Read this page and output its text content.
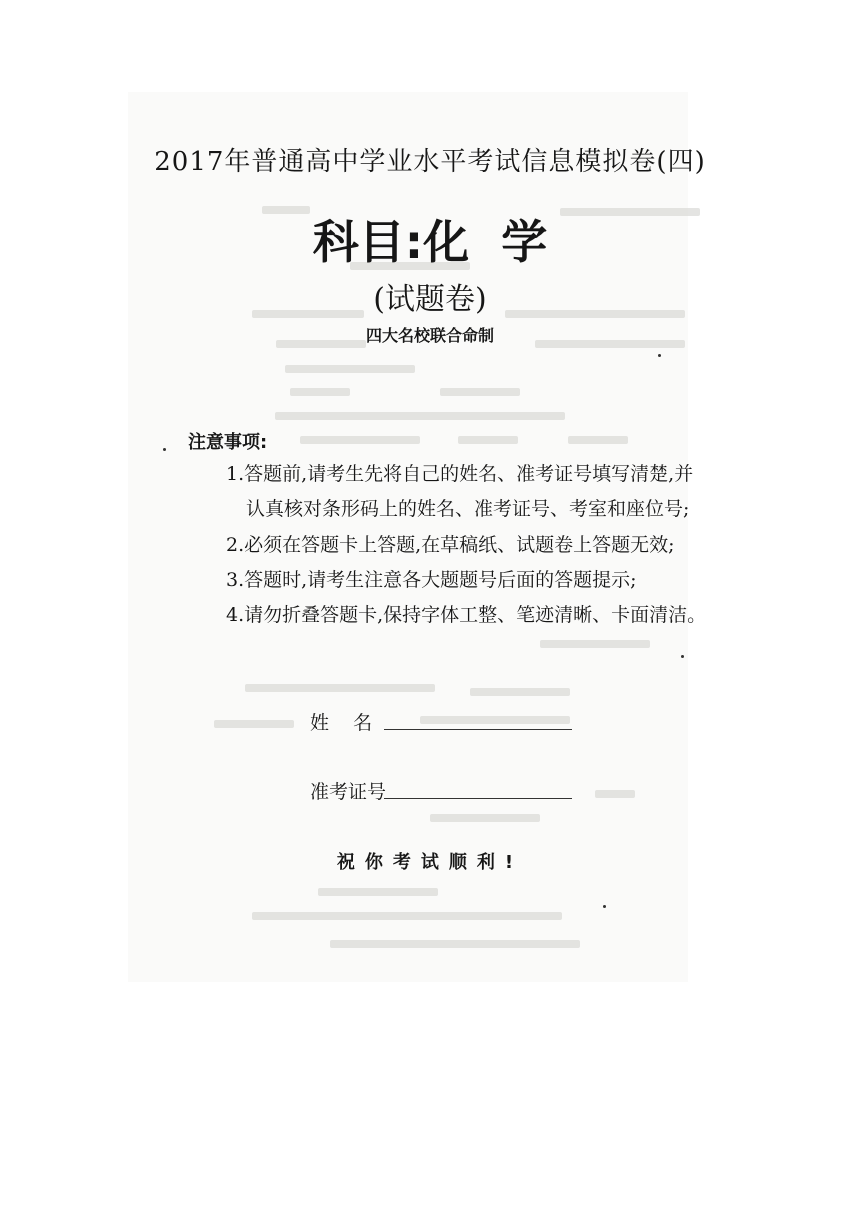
2017年普通高中学业水平考试信息模拟卷(四)
科目:化  学
(试题卷)
四大名校联合命制
注意事项:
1.答题前,请考生先将自己的姓名、准考证号填写清楚,并
认真核对条形码上的姓名、准考证号、考室和座位号;
2.必须在答题卡上答题,在草稿纸、试题卷上答题无效;
3.答题时,请考生注意各大题题号后面的答题提示;
4.请勿折叠答题卡,保持字体工整、笔迹清晰、卡面清洁。
姓    名
准考证号
祝你考试顺利!
